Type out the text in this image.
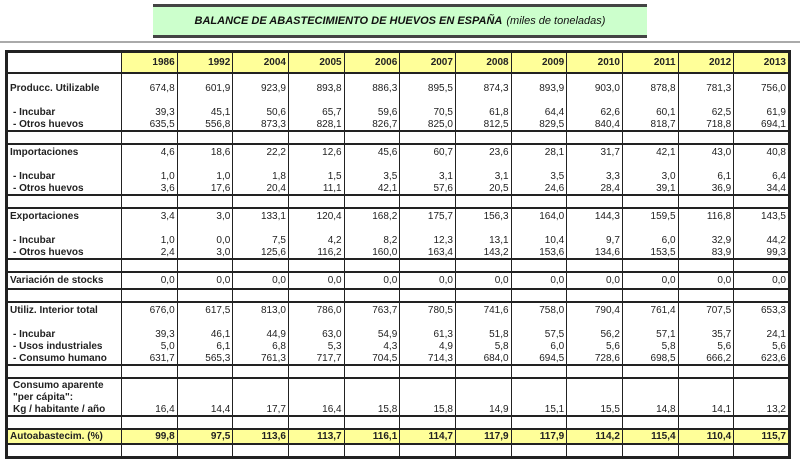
BALANCE DE ABASTECIMIENTO DE HUEVOS EN ESPAÑA (miles de toneladas)
	1986	1992	2004	2005	2006	2007	2008	2009	2010	2011	2012	2013

Producc. Utilizable	674,8	601,9	923,9	893,8	886,3	895,5	874,3	893,9	903,0	878,8	781,3	756,0

- Incubar	39,3	45,1	50,6	65,7	59,6	70,5	61,8	64,4	62,6	60,1	62,5	61,9
- Otros huevos	635,5	556,8	873,3	828,1	826,7	825,0	812,5	829,5	840,4	818,7	718,8	694,1

Importaciones	4,6	18,6	22,2	12,6	45,6	60,7	23,6	28,1	31,7	42,1	43,0	40,8

- Incubar	1,0	1,0	1,8	1,5	3,5	3,1	3,1	3,5	3,3	3,0	6,1	6,4
- Otros huevos	3,6	17,6	20,4	11,1	42,1	57,6	20,5	24,6	28,4	39,1	36,9	34,4

Exportaciones	3,4	3,0	133,1	120,4	168,2	175,7	156,3	164,0	144,3	159,5	116,8	143,5

- Incubar	1,0	0,0	7,5	4,2	8,2	12,3	13,1	10,4	9,7	6,0	32,9	44,2
- Otros huevos	2,4	3,0	125,6	116,2	160,0	163,4	143,2	153,6	134,6	153,5	83,9	99,3

Variación de stocks	0,0	0,0	0,0	0,0	0,0	0,0	0,0	0,0	0,0	0,0	0,0	0,0

Utiliz. Interior total	676,0	617,5	813,0	786,0	763,7	780,5	741,6	758,0	790,4	761,4	707,5	653,3

- Incubar	39,3	46,1	44,9	63,0	54,9	61,3	51,8	57,5	56,2	57,1	35,7	24,1
- Usos industriales	5,0	6,1	6,8	5,3	4,3	4,9	5,8	6,0	5,6	5,8	5,6	5,6
- Consumo humano	631,7	565,3	761,3	717,7	704,5	714,3	684,0	694,5	728,6	698,5	666,2	623,6

Consumo aparente												
"per cápita":												
Kg / habitante / año	16,4	14,4	17,7	16,4	15,8	15,8	14,9	15,1	15,5	14,8	14,1	13,2

Autoabastecim. (%)	99,8	97,5	113,6	113,7	116,1	114,7	117,9	117,9	114,2	115,4	110,4	115,7
